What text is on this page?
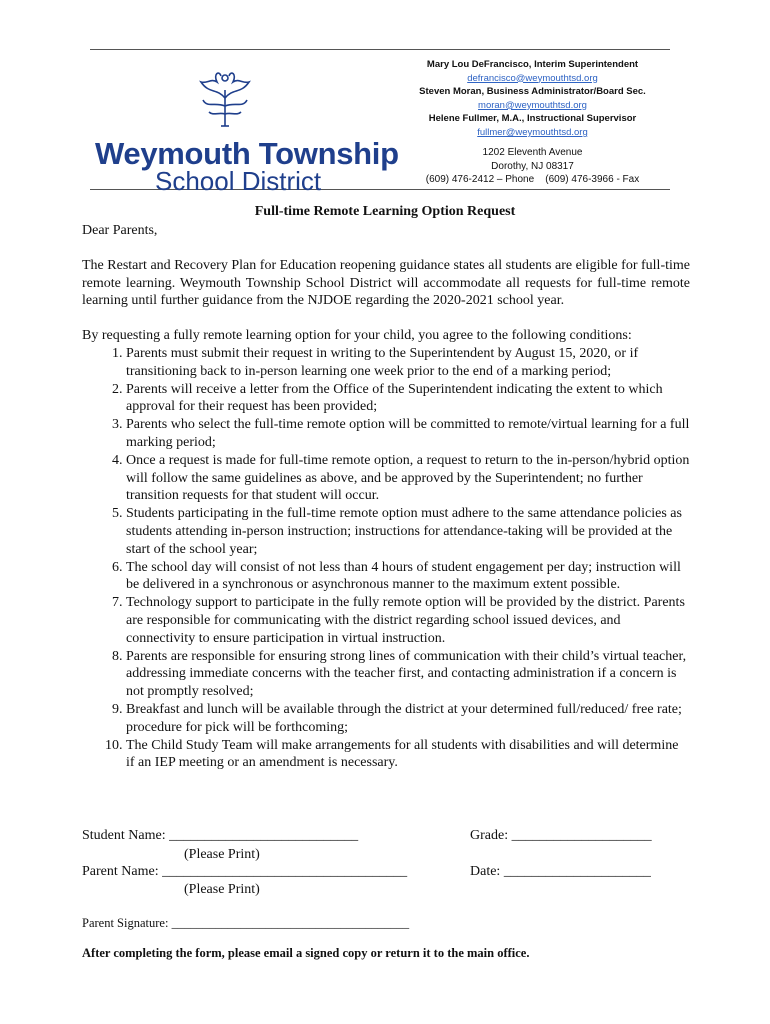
Weymouth Township
School District
Mary Lou DeFrancisco, Interim Superintendent
defrancisco@weymouthtsd.org
Steven Moran, Business Administrator/Board Sec.
moran@weymouthtsd.org
Helene Fullmer, M.A., Instructional Supervisor
fullmer@weymouthtsd.org
1202 Eleventh Avenue
Dorothy, NJ 08317
(609) 476-2412 – Phone    (609) 476-3966 - Fax
Full-time Remote Learning Option Request

Dear Parents,

The Restart and Recovery Plan for Education reopening guidance states all students are eligible for full-time remote learning. Weymouth Township School District will accommodate all requests for full-time remote learning until further guidance from the NJDOE regarding the 2020-2021 school year.

By requesting a fully remote learning option for your child, you agree to the following conditions:

1. Parents must submit their request in writing to the Superintendent by August 15, 2020, or if transitioning back to in-person learning one week prior to the end of a marking period;
2. Parents will receive a letter from the Office of the Superintendent indicating the extent to which approval for their request has been provided;
3. Parents who select the full-time remote option will be committed to remote/virtual learning for a full marking period;
4. Once a request is made for full-time remote option, a request to return to the in-person/hybrid option will follow the same guidelines as above, and be approved by the Superintendent; no further transition requests for that student will occur.
5. Students participating in the full-time remote option must adhere to the same attendance policies as students attending in-person instruction; instructions for attendance-taking will be provided at the start of the school year;
6. The school day will consist of not less than 4 hours of student engagement per day; instruction will be delivered in a synchronous or asynchronous manner to the maximum extent possible.
7. Technology support to participate in the fully remote option will be provided by the district. Parents are responsible for communicating with the district regarding school issued devices, and connectivity to ensure participation in virtual instruction.
8. Parents are responsible for ensuring strong lines of communication with their child’s virtual teacher, addressing immediate concerns with the teacher first, and contacting administration if a concern is not promptly resolved;
9. Breakfast and lunch will be available through the district at your determined full/reduced/ free rate; procedure for pick will be forthcoming;
10. The Child Study Team will make arrangements for all students with disabilities and will determine if an IEP meeting or an amendment is necessary.
Student Name: ___________________________	Grade: ____________________
(Please Print)
Parent Name: ___________________________________	Date: _____________________
(Please Print)
Parent Signature: ______________________________________
After completing the form, please email a signed copy or return it to the main office.
